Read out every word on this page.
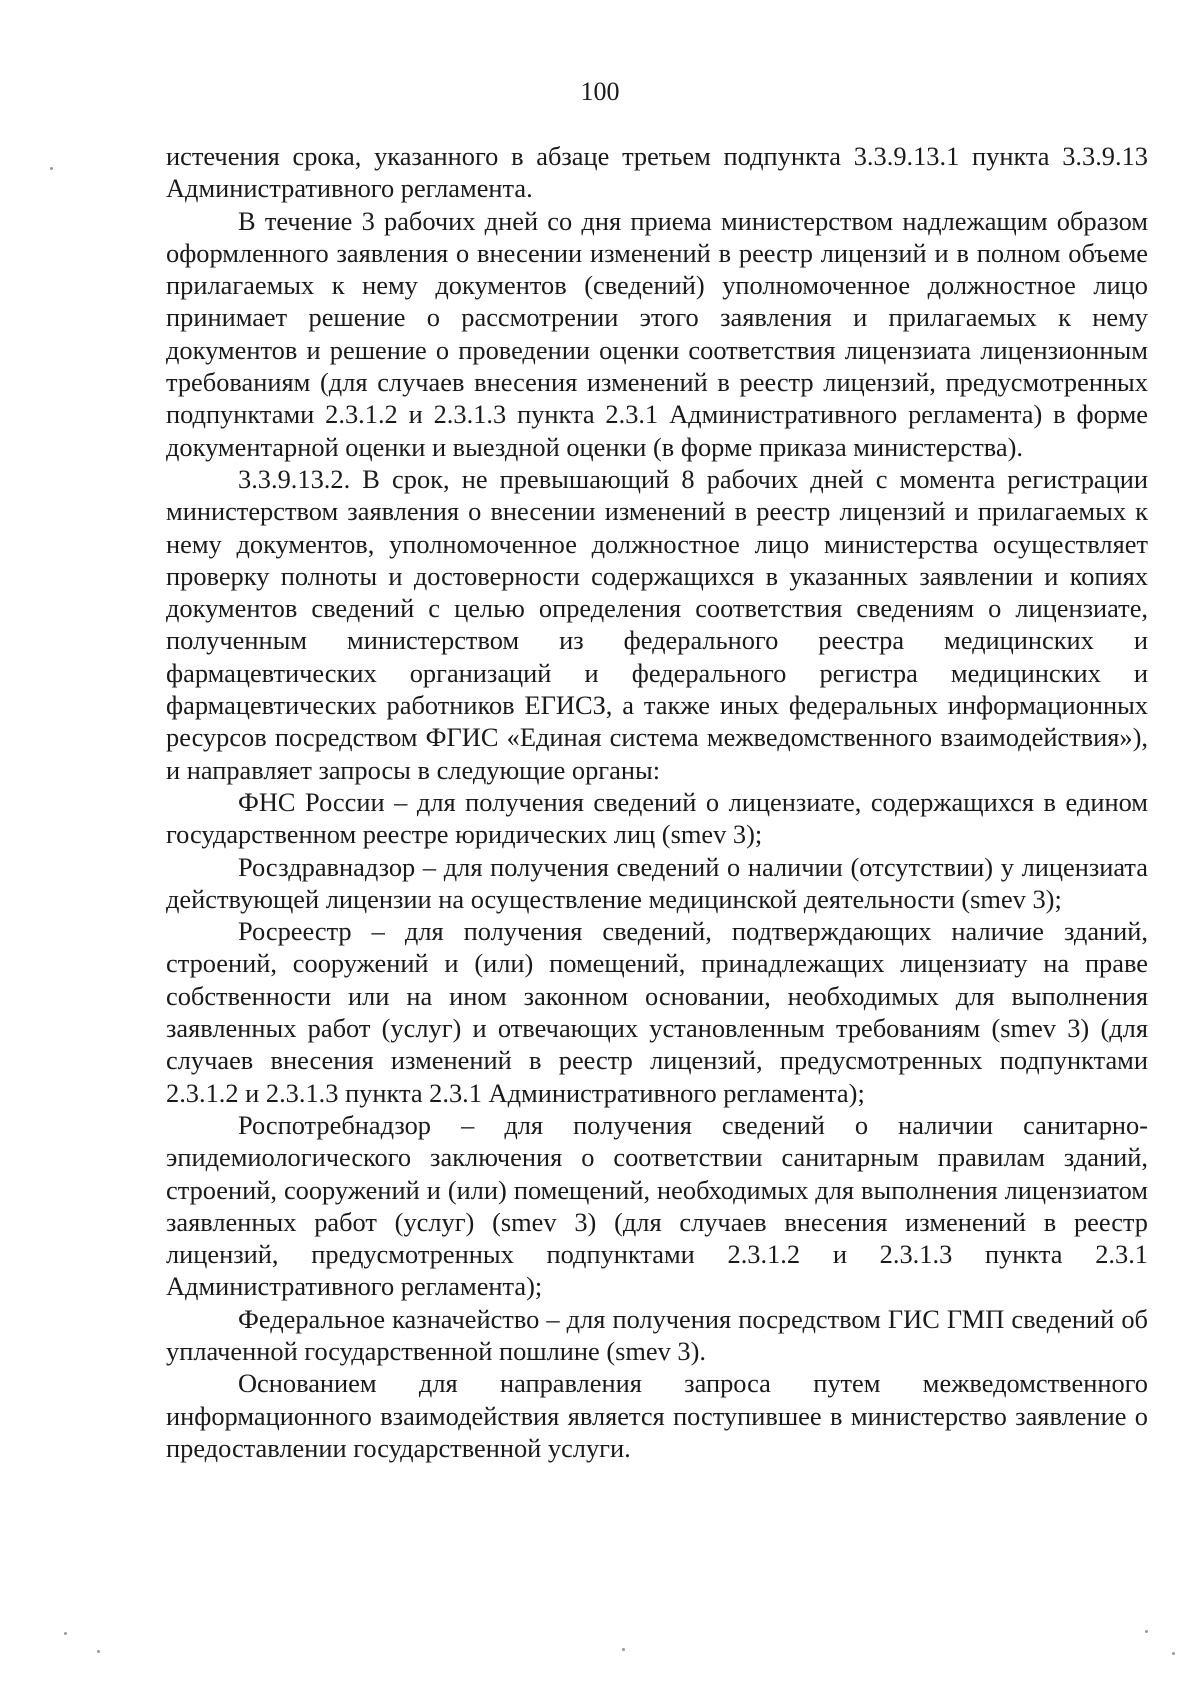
100

истечения срока, указанного в абзаце третьем подпункта 3.3.9.13.1 пункта 3.3.9.13 Административного регламента.

В течение 3 рабочих дней со дня приема министерством надлежащим образом оформленного заявления о внесении изменений в реестр лицензий и в полном объеме прилагаемых к нему документов (сведений) уполномоченное должностное лицо принимает решение о рассмотрении этого заявления и прилагаемых к нему документов и решение о проведении оценки соответствия лицензиата лицензионным требованиям (для случаев внесения изменений в реестр лицензий, предусмотренных подпунктами 2.3.1.2 и 2.3.1.3 пункта 2.3.1 Административного регламента) в форме документарной оценки и выездной оценки (в форме приказа министерства).

3.3.9.13.2. В срок, не превышающий 8 рабочих дней с момента регистрации министерством заявления о внесении изменений в реестр лицензий и прилагаемых к нему документов, уполномоченное должностное лицо министерства осуществляет проверку полноты и достоверности содержащихся в указанных заявлении и копиях документов сведений с целью определения соответствия сведениям о лицензиате, полученным министерством из федерального реестра медицинских и фармацевтических организаций и федерального регистра медицинских и фармацевтических работников ЕГИСЗ, а также иных федеральных информационных ресурсов посредством ФГИС «Единая система межведомственного взаимодействия»), и направляет запросы в следующие органы:

ФНС России – для получения сведений о лицензиате, содержащихся в едином государственном реестре юридических лиц (smev 3);

Росздравнадзор – для получения сведений о наличии (отсутствии) у лицензиата действующей лицензии на осуществление медицинской деятельности (smev 3);

Росреестр – для получения сведений, подтверждающих наличие зданий, строений, сооружений и (или) помещений, принадлежащих лицензиату на праве собственности или на ином законном основании, необходимых для выполнения заявленных работ (услуг) и отвечающих установленным требованиям (smev 3) (для случаев внесения изменений в реестр лицензий, предусмотренных подпунктами 2.3.1.2 и 2.3.1.3 пункта 2.3.1 Административного регламента);

Роспотребнадзор – для получения сведений о наличии санитарно-эпидемиологического заключения о соответствии санитарным правилам зданий, строений, сооружений и (или) помещений, необходимых для выполнения лицензиатом заявленных работ (услуг) (smev 3) (для случаев внесения изменений в реестр лицензий, предусмотренных подпунктами 2.3.1.2 и 2.3.1.3 пункта 2.3.1 Административного регламента);

Федеральное казначейство – для получения посредством ГИС ГМП сведений об уплаченной государственной пошлине (smev 3).

Основанием для направления запроса путем межведомственного информационного взаимодействия является поступившее в министерство заявление о предоставлении государственной услуги.
